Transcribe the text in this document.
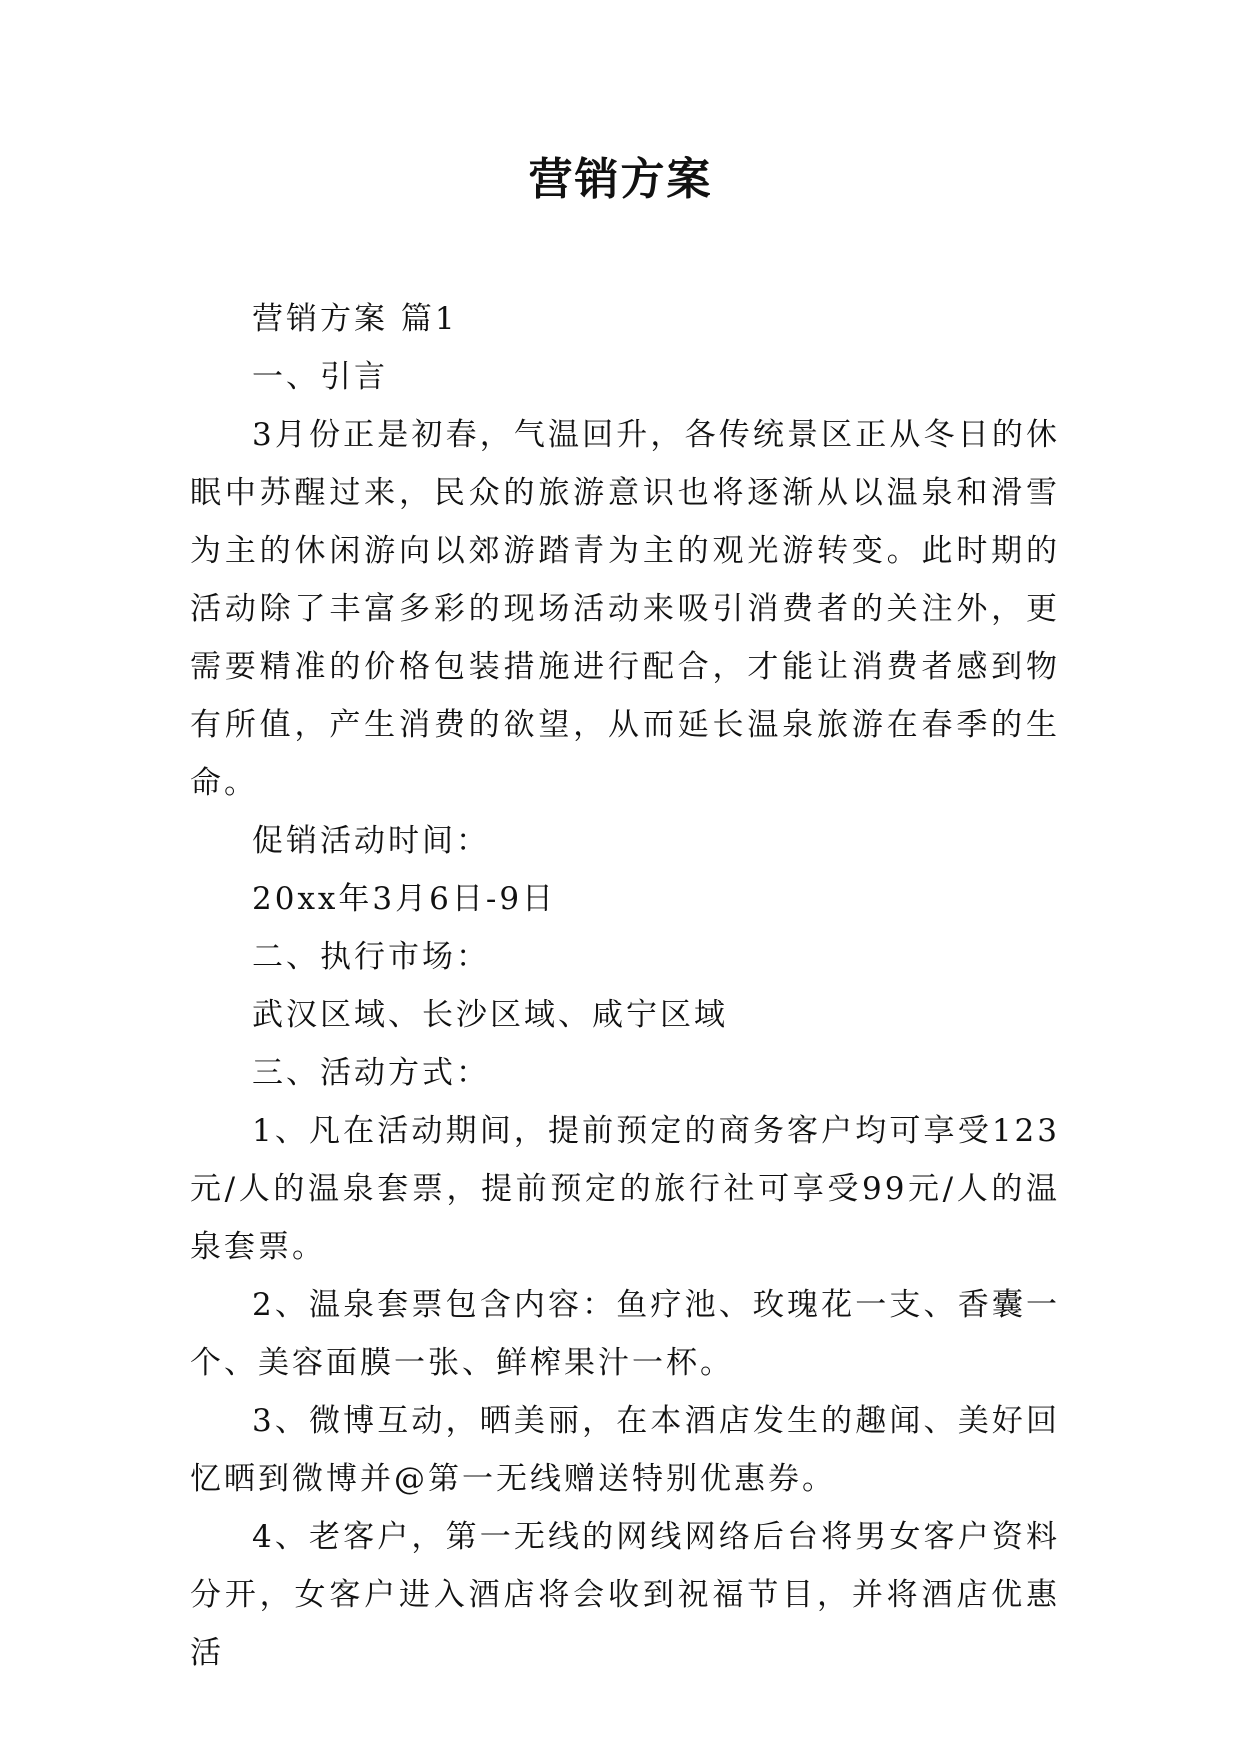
营销方案

营销方案 篇1

一、引言

3月份正是初春，气温回升，各传统景区正从冬日的休眠中苏醒过来，民众的旅游意识也将逐渐从以温泉和滑雪为主的休闲游向以郊游踏青为主的观光游转变。此时期的活动除了丰富多彩的现场活动来吸引消费者的关注外，更需要精准的价格包装措施进行配合，才能让消费者感到物有所值，产生消费的欲望，从而延长温泉旅游在春季的生命。

促销活动时间：

20xx年3月6日-9日

二、执行市场：

武汉区域、长沙区域、咸宁区域

三、活动方式：

1、凡在活动期间，提前预定的商务客户均可享受123元/人的温泉套票，提前预定的旅行社可享受99元/人的温泉套票。

2、温泉套票包含内容：鱼疗池、玫瑰花一支、香囊一个、美容面膜一张、鲜榨果汁一杯。

3、微博互动，晒美丽，在本酒店发生的趣闻、美好回忆晒到微博并@第一无线赠送特别优惠券。

4、老客户，第一无线的网线网络后台将男女客户资料分开，女客户进入酒店将会收到祝福节目，并将酒店优惠活
